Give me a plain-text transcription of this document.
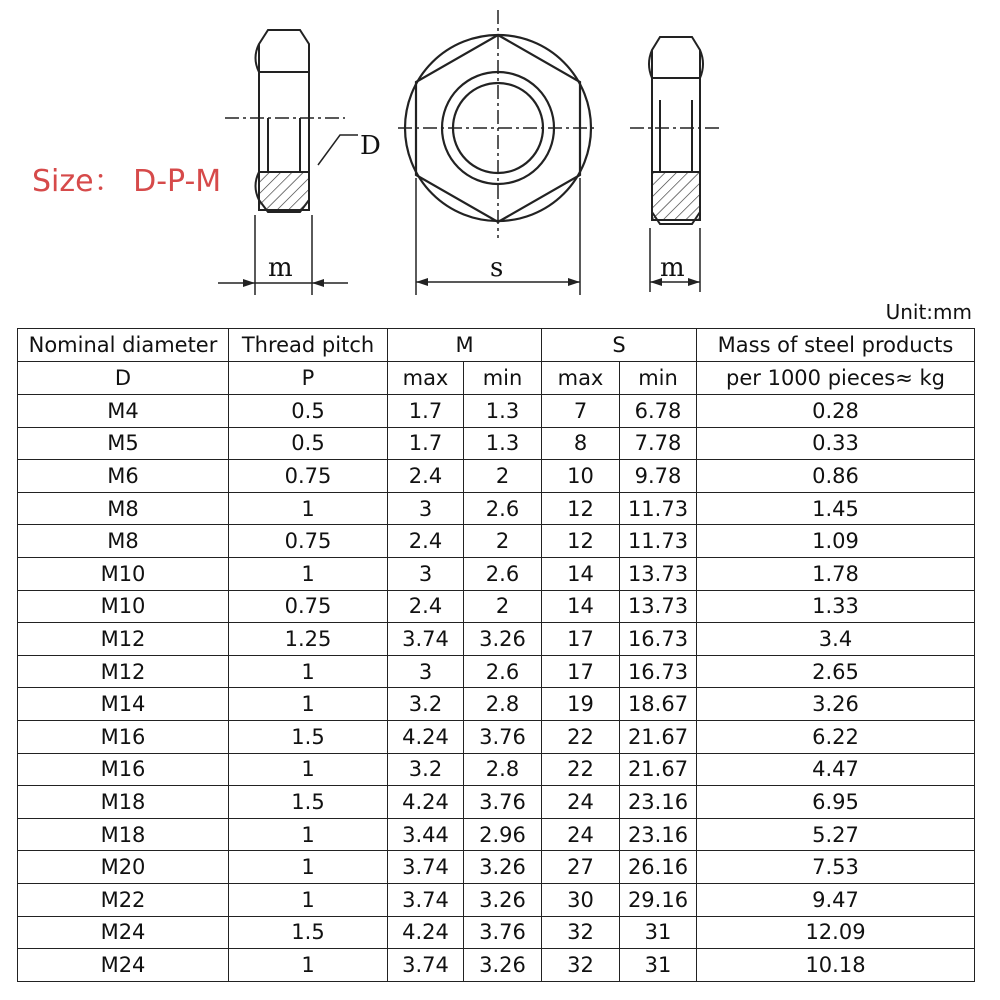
D
m	s	m
Size： D-P-M
Unit:mm
Nominal diameter	Thread pitch	M		S		Mass of steel products
D	P	max	min	max	min	per 1000 pieces≈ kg
M4	0.5	1.7	1.3	7	6.78	0.28
M5	0.5	1.7	1.3	8	7.78	0.33
M6	0.75	2.4	2	10	9.78	0.86
M8	1	3	2.6	12	11.73	1.45
M8	0.75	2.4	2	12	11.73	1.09
M10	1	3	2.6	14	13.73	1.78
M10	0.75	2.4	2	14	13.73	1.33
M12	1.25	3.74	3.26	17	16.73	3.4
M12	1	3	2.6	17	16.73	2.65
M14	1	3.2	2.8	19	18.67	3.26
M16	1.5	4.24	3.76	22	21.67	6.22
M16	1	3.2	2.8	22	21.67	4.47
M18	1.5	4.24	3.76	24	23.16	6.95
M18	1	3.44	2.96	24	23.16	5.27
M20	1	3.74	3.26	27	26.16	7.53
M22	1	3.74	3.26	30	29.16	9.47
M24	1.5	4.24	3.76	32	31	12.09
M24	1	3.74	3.26	32	31	10.18
